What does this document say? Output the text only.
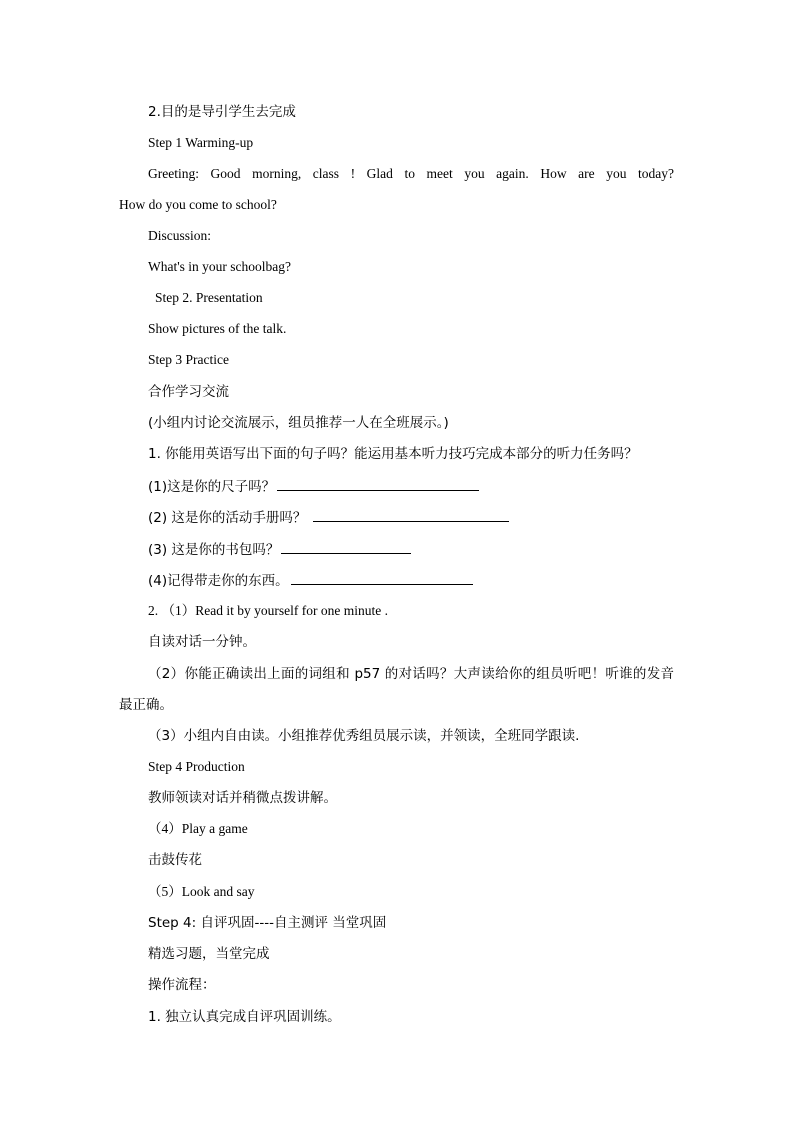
2.目的是导引学生去完成
Step 1 Warming-up
Greeting: Good morning, class ! Glad to meet you again. How are you today?
How do you come to school?
Discussion:
What's in your schoolbag?
Step 2. Presentation
Show pictures of the talk.
Step 3 Practice
合作学习交流
(小组内讨论交流展示，组员推荐一人在全班展示。)
1. 你能用英语写出下面的句子吗？能运用基本听力技巧完成本部分的听力任务吗？
(1)这是你的尺子吗？
(2) 这是你的活动手册吗？
(3) 这是你的书包吗？
(4)记得带走你的东西。
2. （1）Read it by yourself for one minute .
自读对话一分钟。
（2）你能正确读出上面的词组和 p57 的对话吗？大声读给你的组员听吧！听谁的发音
最正确。
（3）小组内自由读。小组推荐优秀组员展示读，并领读，全班同学跟读.
Step 4 Production
教师领读对话并稍微点拨讲解。
（4）Play a game
击鼓传花
（5）Look and say
Step 4: 自评巩固----自主测评 当堂巩固
精选习题，当堂完成
操作流程：
1. 独立认真完成自评巩固训练。
